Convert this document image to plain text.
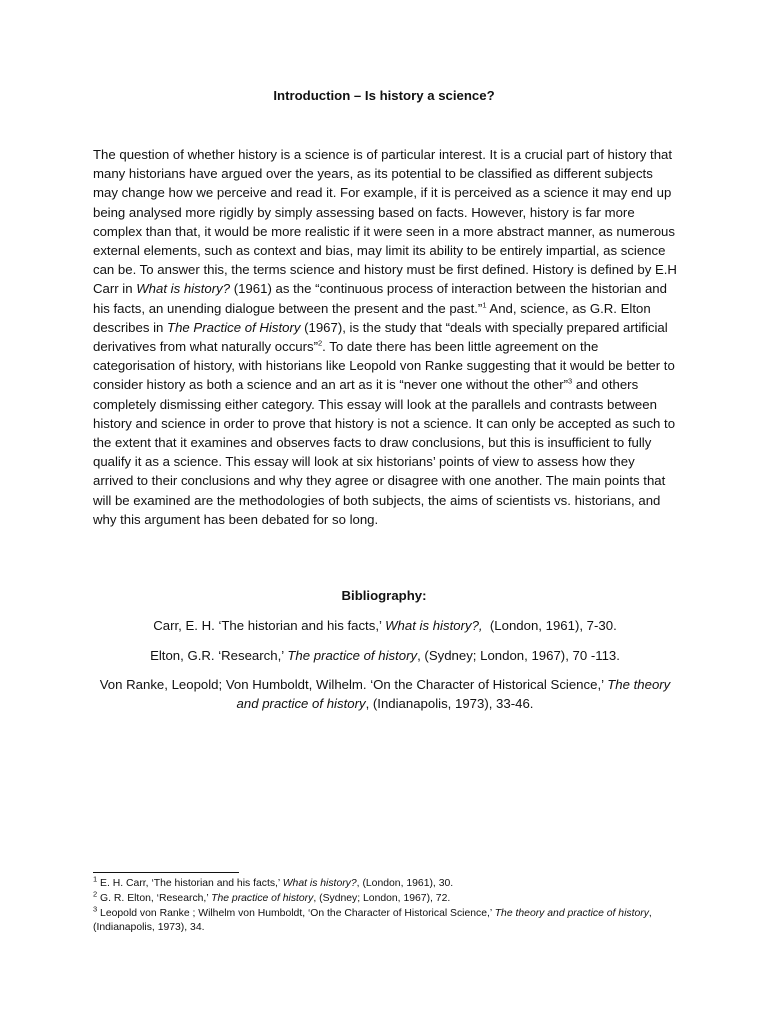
Introduction – Is history a science?

The question of whether history is a science is of particular interest. It is a crucial part of history that many historians have argued over the years, as its potential to be classified as different subjects may change how we perceive and read it. For example, if it is perceived as a science it may end up being analysed more rigidly by simply assessing based on facts. However, history is far more complex than that, it would be more realistic if it were seen in a more abstract manner, as numerous external elements, such as context and bias, may limit its ability to be entirely impartial, as science can be. To answer this, the terms science and history must be first defined. History is defined by E.H Carr in What is history? (1961) as the “continuous process of interaction between the historian and his facts, an unending dialogue between the present and the past.”$^1$ And, science, as G.R. Elton describes in The Practice of History (1967), is the study that “deals with specially prepared artificial derivatives from what naturally occurs”$^2$. To date there has been little agreement on the categorisation of history, with historians like Leopold von Ranke suggesting that it would be better to consider history as both a science and an art as it is “never one without the other”$^3$ and others completely dismissing either category. This essay will look at the parallels and contrasts between history and science in order to prove that history is not a science. It can only be accepted as such to the extent that it examines and observes facts to draw conclusions, but this is insufficient to fully qualify it as a science. This essay will look at six historians’ points of view to assess how they arrived to their conclusions and why they agree or disagree with one another. The main points that will be examined are the methodologies of both subjects, the aims of scientists vs. historians, and why this argument has been debated for so long.

Bibliography:

Carr, E. H. ‘The historian and his facts,’ What is history?,  (London, 1961), 7-30.

Elton, G.R. ‘Research,’ The practice of history, (Sydney; London, 1967), 70 -113.

Von Ranke, Leopold; Von Humboldt, Wilhelm. ‘On the Character of Historical Science,’ The theory and practice of history, (Indianapolis, 1973), 33-46.

$^1$ E. H. Carr, ‘The historian and his facts,’ What is history?, (London, 1961), 30.

$^2$ G. R. Elton, ‘Research,’ The practice of history, (Sydney; London, 1967), 72.

$^3$ Leopold von Ranke ; Wilhelm von Humboldt, ‘On the Character of Historical Science,’ The theory and practice of history, (Indianapolis, 1973), 34.
